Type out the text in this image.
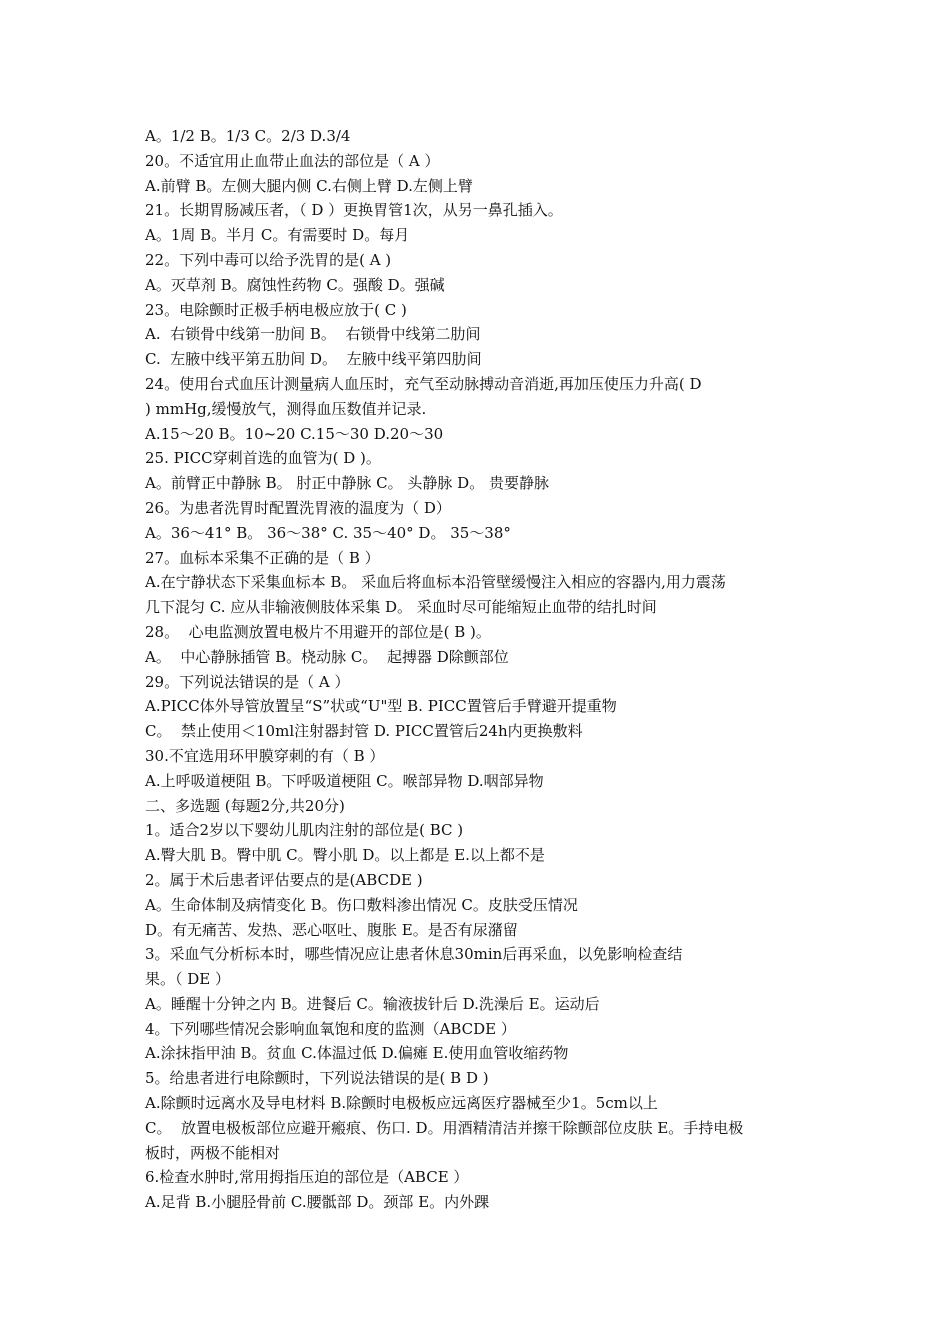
A。1/2 B。1/3 C。2/3 D.3/4

20。不适宜用止血带止血法的部位是（ A ）

A.前臂 B。左侧大腿内侧 C.右侧上臂 D.左侧上臂

21。长期胃肠减压者，（ D ）更换胃管1次，从另一鼻孔插入。

A。1周 B。半月 C。有需要时 D。每月

22。下列中毒可以给予洗胃的是( A )

A。灭草剂 B。腐蚀性药物 C。强酸 D。强碱

23。电除颤时正极手柄电极应放于( C )

A.  右锁骨中线第一肋间 B。  右锁骨中线第二肋间

C.  左腋中线平第五肋间 D。  左腋中线平第四肋间

24。使用台式血压计测量病人血压时，充气至动脉搏动音消逝,再加压使压力升高( D

) mmHg,缓慢放气，测得血压数值并记录.

A.15～20 B。10~20 C.15～30 D.20～30

25. PICC穿刺首选的血管为( D )。

A。前臂正中静脉 B。 肘正中静脉 C。 头静脉 D。 贵要静脉

26。为患者洗胃时配置洗胃液的温度为（ D）

A。36～41° B。 36～38° C. 35～40° D。 35～38°

27。血标本采集不正确的是（ B ）

A.在宁静状态下采集血标本 B。 采血后将血标本沿管壁缓慢注入相应的容器内,用力震荡

几下混匀 C. 应从非输液侧肢体采集 D。 采血时尽可能缩短止血带的结扎时间

28。  心电监测放置电极片不用避开的部位是( B )。

A。  中心静脉插管 B。桡动脉 C。  起搏器 D除颤部位

29。下列说法错误的是（ A ）

A.PICC体外导管放置呈“S”状或“U"型 B. PICC置管后手臂避开提重物

C。  禁止使用＜10ml注射器封管 D. PICC置管后24h内更换敷料

30.不宜选用环甲膜穿刺的有（ B ）

A.上呼吸道梗阻 B。下呼吸道梗阻 C。喉部异物 D.咽部异物

二、多选题 (每题2分,共20分)

1。适合2岁以下婴幼儿肌肉注射的部位是( BC )

A.臀大肌 B。臀中肌 C。臀小肌 D。以上都是 E.以上都不是

2。属于术后患者评估要点的是(ABCDE )

A。生命体制及病情变化 B。伤口敷料渗出情况 C。皮肤受压情况

D。有无痛苦、发热、恶心呕吐、腹胀 E。是否有尿潴留

3。采血气分析标本时，哪些情况应让患者休息30min后再采血，以免影响检查结

果。（ DE ）

A。睡醒十分钟之内 B。进餐后 C。输液拔针后 D.洗澡后 E。运动后

4。下列哪些情况会影响血氧饱和度的监测（ABCDE ）

A.涂抹指甲油 B。贫血 C.体温过低 D.偏瘫 E.使用血管收缩药物

5。给患者进行电除颤时，下列说法错误的是( B D )

A.除颤时远离水及导电材料 B.除颤时电极板应远离医疗器械至少1。5cm以上

C。  放置电极板部位应避开瘢痕、伤口. D。用酒精清洁并擦干除颤部位皮肤 E。手持电极

板时，两极不能相对

6.检查水肿时,常用拇指压迫的部位是（ABCE ）

A.足背 B.小腿胫骨前 C.腰骶部 D。颈部 E。内外踝
